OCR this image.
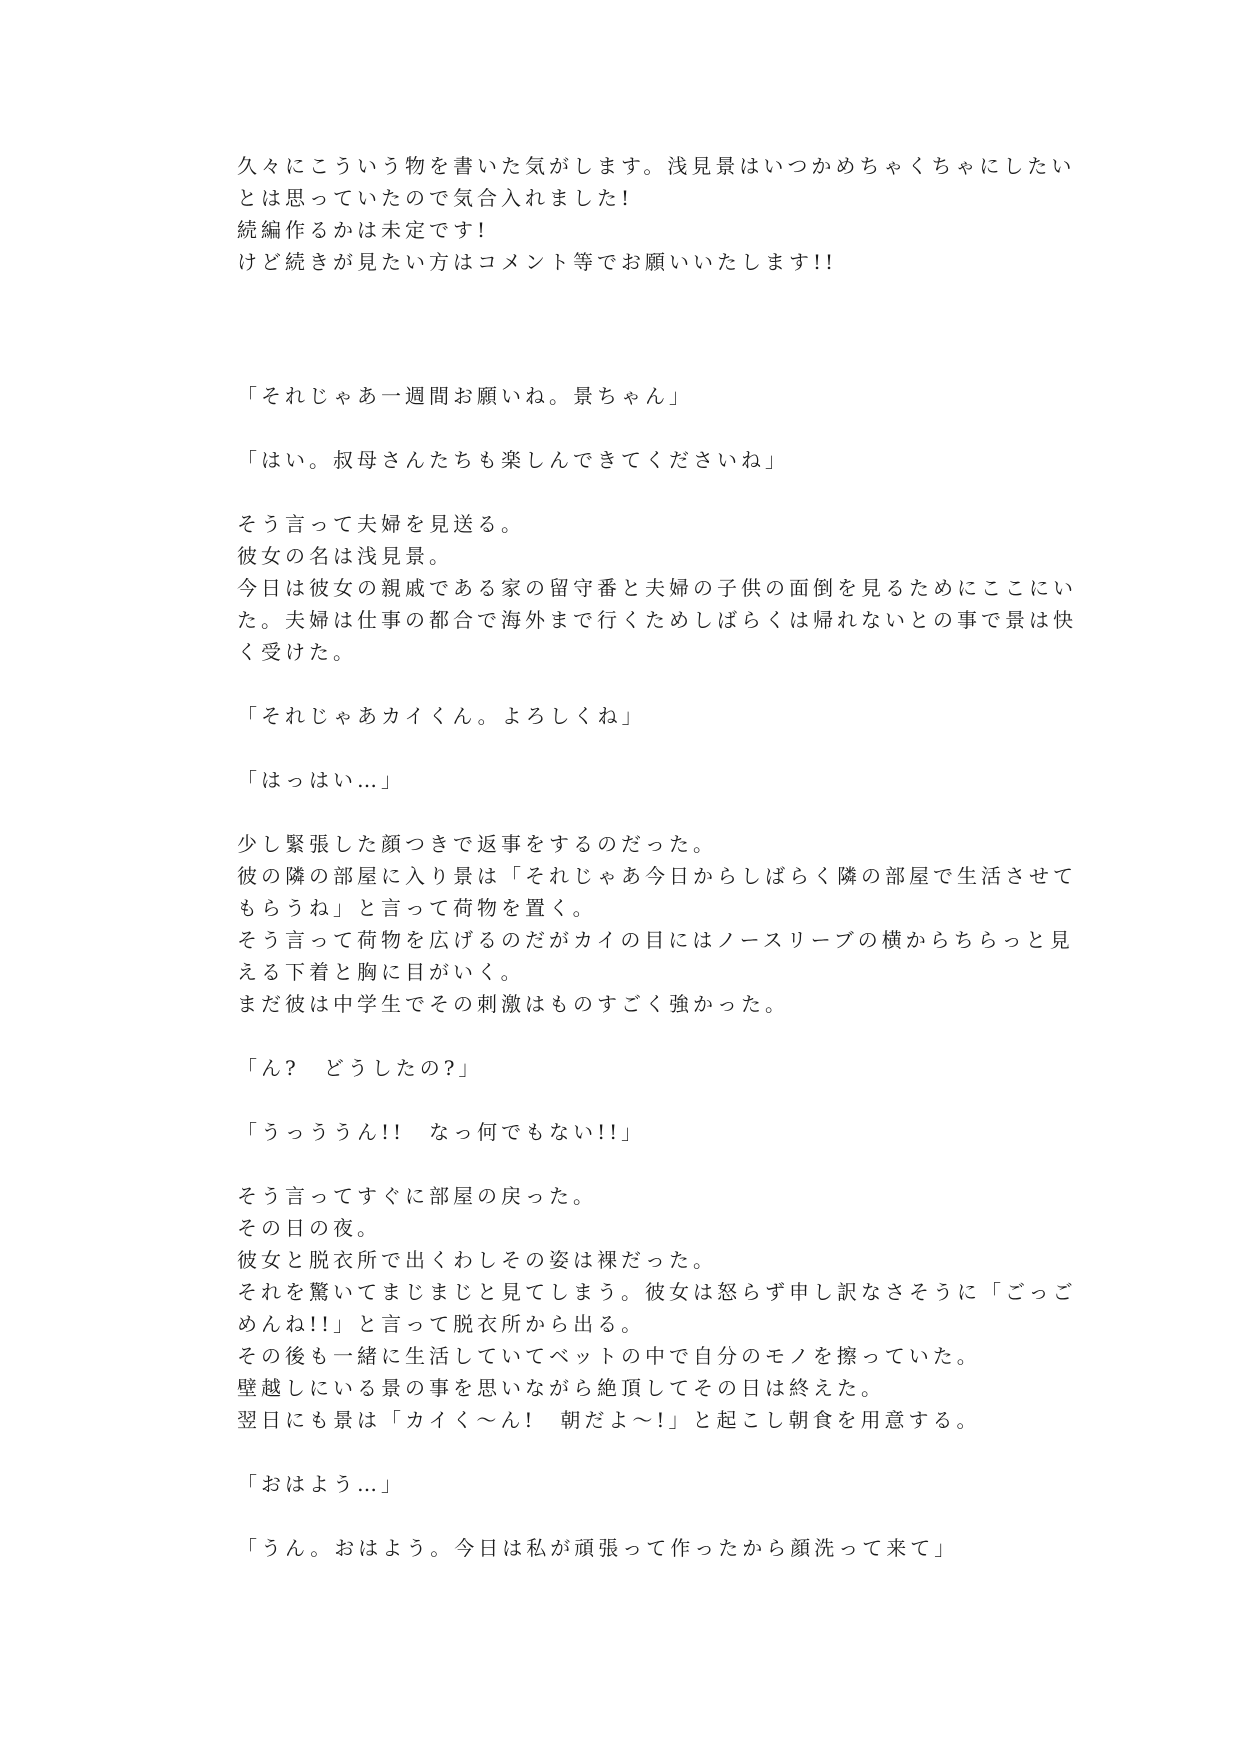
久々にこういう物を書いた気がします。浅見景はいつかめちゃくちゃにしたい
とは思っていたので気合入れました!
続編作るかは未定です!
けど続きが見たい方はコメント等でお願いいたします!!
「それじゃあ一週間お願いね。景ちゃん」
「はい。叔母さんたちも楽しんできてくださいね」
そう言って夫婦を見送る。
彼女の名は浅見景。
今日は彼女の親戚である家の留守番と夫婦の子供の面倒を見るためにここにい
た。夫婦は仕事の都合で海外まで行くためしばらくは帰れないとの事で景は快
く受けた。
「それじゃあカイくん。よろしくね」
「はっはい…」
少し緊張した顔つきで返事をするのだった。
彼の隣の部屋に入り景は「それじゃあ今日からしばらく隣の部屋で生活させて
もらうね」と言って荷物を置く。
そう言って荷物を広げるのだがカイの目にはノースリーブの横からちらっと見
える下着と胸に目がいく。
まだ彼は中学生でその刺激はものすごく強かった。
「ん?　どうしたの?」
「うっううん!!　なっ何でもない!!」
そう言ってすぐに部屋の戻った。
その日の夜。
彼女と脱衣所で出くわしその姿は裸だった。
それを驚いてまじまじと見てしまう。彼女は怒らず申し訳なさそうに「ごっご
めんね!!」と言って脱衣所から出る。
その後も一緒に生活していてベットの中で自分のモノを擦っていた。
壁越しにいる景の事を思いながら絶頂してその日は終えた。
翌日にも景は「カイく〜ん!　朝だよ〜!」と起こし朝食を用意する。
「おはよう…」
「うん。おはよう。今日は私が頑張って作ったから顔洗って来て」
